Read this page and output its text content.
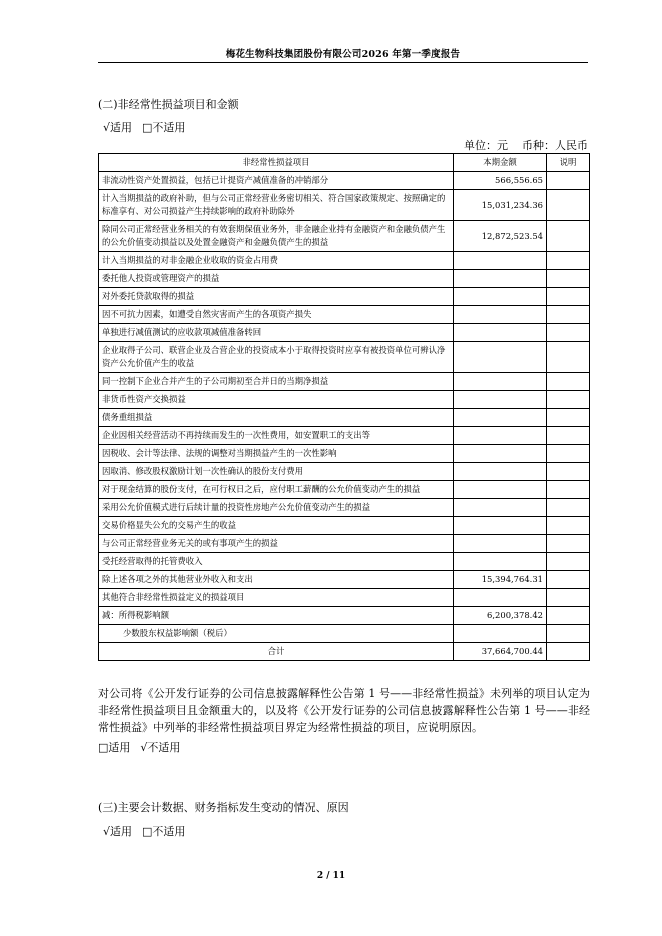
梅花生物科技集团股份有限公司2026 年第一季度报告
(二)非经常性损益项目和金额
√适用 □不适用
单位：元 币种：人民币
非经常性损益项目	本期金额	说明
非流动性资产处置损益，包括已计提资产减值准备的冲销部分	566,556.65	
计入当期损益的政府补助，但与公司正常经营业务密切相关、符合国家政策规定、按照确定的标准享有、对公司损益产生持续影响的政府补助除外	15,031,234.36	
除同公司正常经营业务相关的有效套期保值业务外，非金融企业持有金融资产和金融负债产生的公允价值变动损益以及处置金融资产和金融负债产生的损益	12,872,523.54	
计入当期损益的对非金融企业收取的资金占用费		
委托他人投资或管理资产的损益		
对外委托贷款取得的损益		
因不可抗力因素，如遭受自然灾害而产生的各项资产损失		
单独进行减值测试的应收款项减值准备转回		
企业取得子公司、联营企业及合营企业的投资成本小于取得投资时应享有被投资单位可辨认净资产公允价值产生的收益		
同一控制下企业合并产生的子公司期初至合并日的当期净损益		
非货币性资产交换损益		
债务重组损益		
企业因相关经营活动不再持续而发生的一次性费用，如安置职工的支出等		
因税收、会计等法律、法规的调整对当期损益产生的一次性影响		
因取消、修改股权激励计划一次性确认的股份支付费用		
对于现金结算的股份支付，在可行权日之后，应付职工薪酬的公允价值变动产生的损益		
采用公允价值模式进行后续计量的投资性房地产公允价值变动产生的损益		
交易价格显失公允的交易产生的收益		
与公司正常经营业务无关的或有事项产生的损益		
受托经营取得的托管费收入		
除上述各项之外的其他营业外收入和支出	15,394,764.31	
其他符合非经常性损益定义的损益项目		
减：所得税影响额	6,200,378.42	
少数股东权益影响额（税后）		
合计	37,664,700.44	
对公司将《公开发行证券的公司信息披露解释性公告第 1 号——非经常性损益》未列举的项目认定为非经常性损益项目且金额重大的，以及将《公开发行证券的公司信息披露解释性公告第 1 号——非经常性损益》中列举的非经常性损益项目界定为经常性损益的项目，应说明原因。
□适用 √不适用
(三)主要会计数据、财务指标发生变动的情况、原因
√适用 □不适用
2 / 11
